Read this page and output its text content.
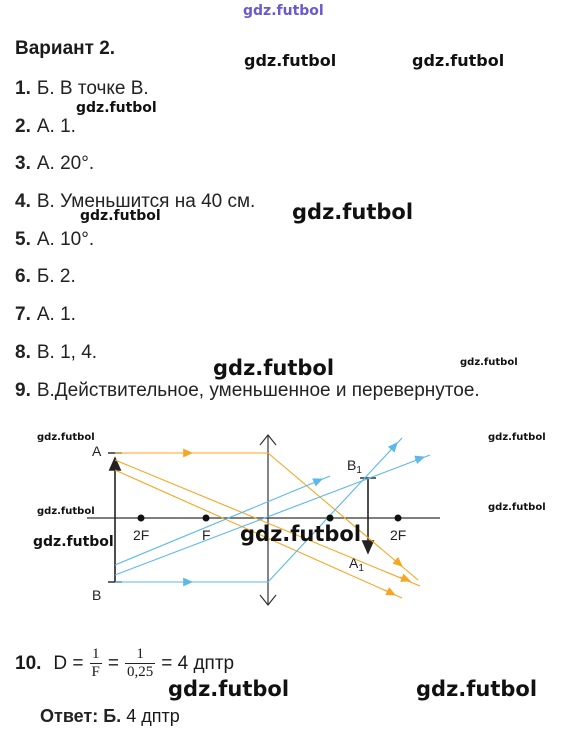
gdz.futbol
Вариант 2.
1. Б. В точке В.
2. А. 1.
3. А. 20°.
4. В. Уменьшится на 40 см.
5. А. 10°.
6. Б. 2.
7. А. 1.
8. В. 1, 4.
9. В.Действительное, уменьшенное и перевернутое.
A
B
$B_1$
$A_1$
2F	F	2F
10. $D = \frac{1}{F} = \frac{1}{0,25} = 4$ дптр
Ответ: Б. 4 дптр
gdz.futbol	gdz.futbol
gdz.futbol
gdz.futbol	gdz.futbol
gdz.futbol	gdz.futbol
gdz.futbol	gdz.futbol
gdz.futbol	gdz.futbol
gdz.futbol	gdz.futbol
gdz.futbol	gdz.futbol
